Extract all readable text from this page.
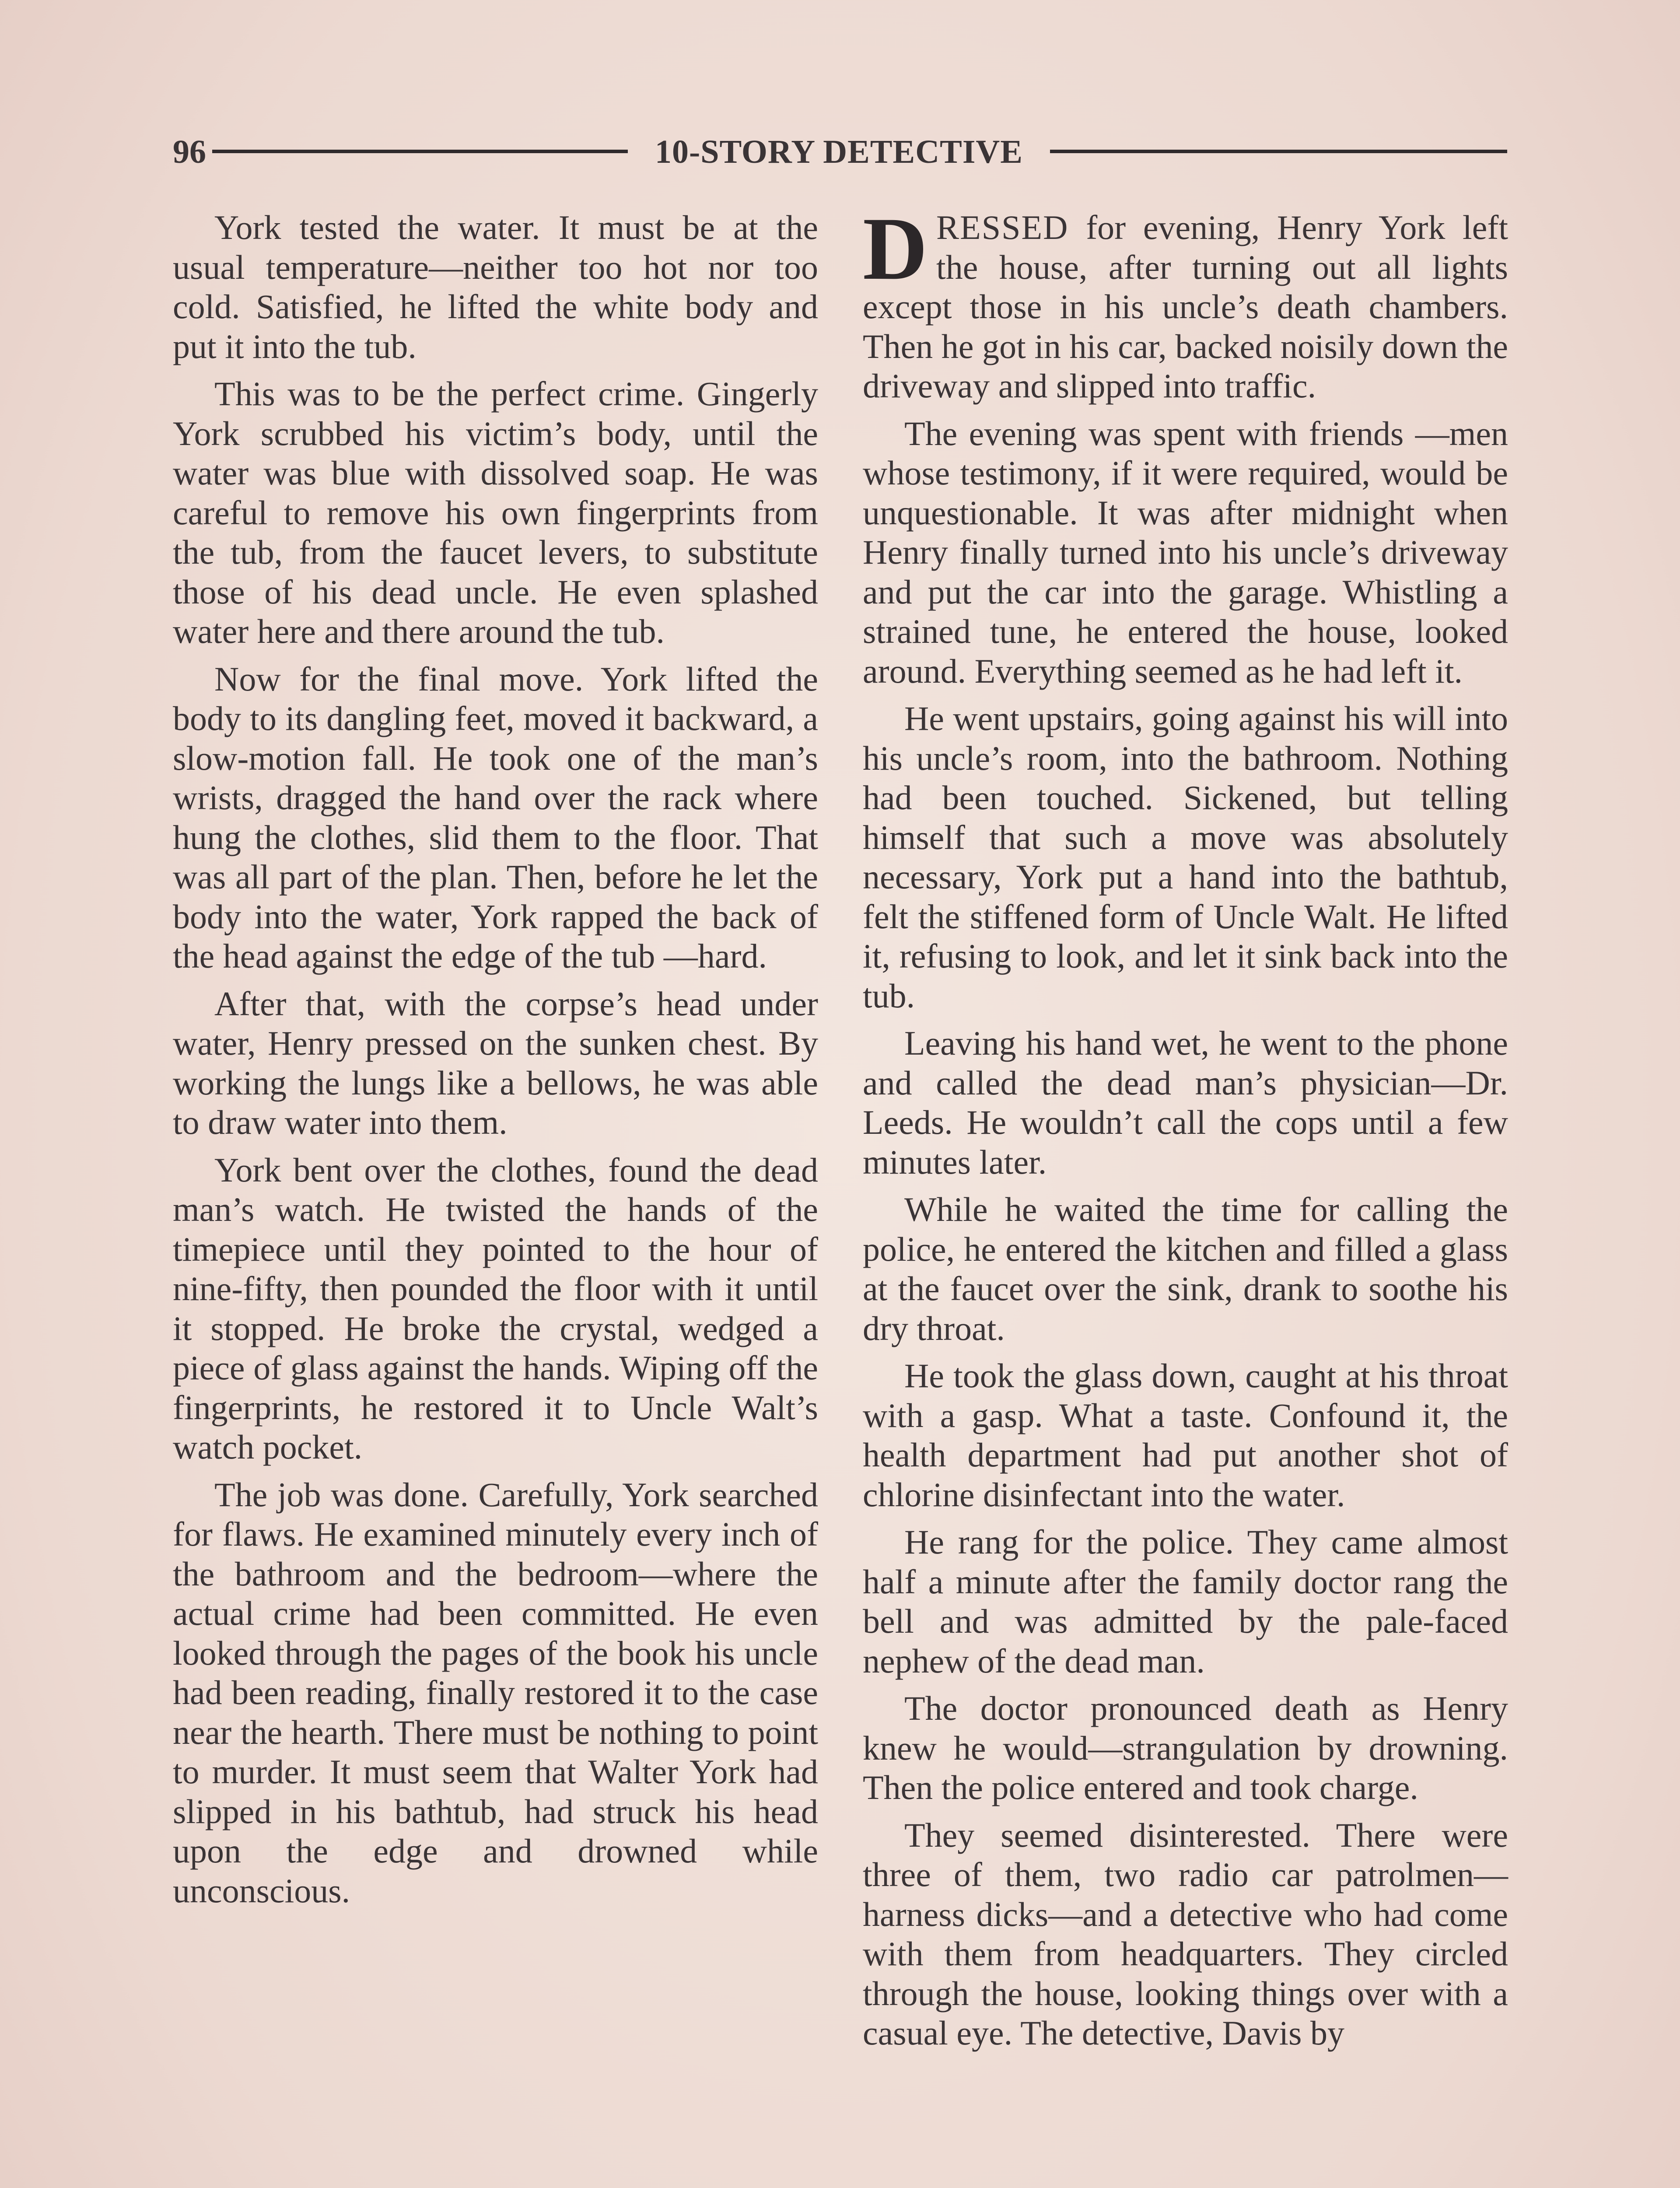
96	10-STORY DETECTIVE

York tested the water. It must be at the usual temperature—neither too hot nor too cold. Satisfied, he lifted the white body and put it into the tub.

This was to be the perfect crime. Gingerly York scrubbed his victim’s body, until the water was blue with dissolved soap. He was careful to remove his own fingerprints from the tub, from the faucet levers, to substitute those of his dead uncle. He even splashed water here and there around the tub.

Now for the final move. York lifted the body to its dangling feet, moved it backward, a slow-motion fall. He took one of the man’s wrists, dragged the hand over the rack where hung the clothes, slid them to the floor. That was all part of the plan. Then, before he let the body into the water, York rapped the back of the head against the edge of the tub —hard.

After that, with the corpse’s head under water, Henry pressed on the sunken chest. By working the lungs like a bellows, he was able to draw water into them.

York bent over the clothes, found the dead man’s watch. He twisted the hands of the timepiece until they pointed to the hour of nine-fifty, then pounded the floor with it until it stopped. He broke the crystal, wedged a piece of glass against the hands. Wiping off the fingerprints, he restored it to Uncle Walt’s watch pocket.

The job was done. Carefully, York searched for flaws. He examined minutely every inch of the bathroom and the bedroom—where the actual crime had been committed. He even looked through the pages of the book his uncle had been reading, finally restored it to the case near the hearth. There must be nothing to point to murder. It must seem that Walter York had slipped in his bathtub, had struck his head upon the edge and drowned while unconscious.

DRESSED for evening, Henry York left the house, after turning out all lights except those in his uncle’s death chambers. Then he got in his car, backed noisily down the driveway and slipped into traffic.

The evening was spent with friends —men whose testimony, if it were required, would be unquestionable. It was after midnight when Henry finally turned into his uncle’s driveway and put the car into the garage. Whistling a strained tune, he entered the house, looked around. Everything seemed as he had left it.

He went upstairs, going against his will into his uncle’s room, into the bathroom. Nothing had been touched. Sickened, but telling himself that such a move was absolutely necessary, York put a hand into the bathtub, felt the stiffened form of Uncle Walt. He lifted it, refusing to look, and let it sink back into the tub.

Leaving his hand wet, he went to the phone and called the dead man’s physician—Dr. Leeds. He wouldn’t call the cops until a few minutes later.

While he waited the time for calling the police, he entered the kitchen and filled a glass at the faucet over the sink, drank to soothe his dry throat.

He took the glass down, caught at his throat with a gasp. What a taste. Confound it, the health department had put another shot of chlorine disinfectant into the water.

He rang for the police. They came almost half a minute after the family doctor rang the bell and was admitted by the pale-faced nephew of the dead man.

The doctor pronounced death as Henry knew he would—strangulation by drowning. Then the police entered and took charge.

They seemed disinterested. There were three of them, two radio car patrolmen—harness dicks—and a detective who had come with them from headquarters. They circled through the house, looking things over with a casual eye. The detective, Davis by
